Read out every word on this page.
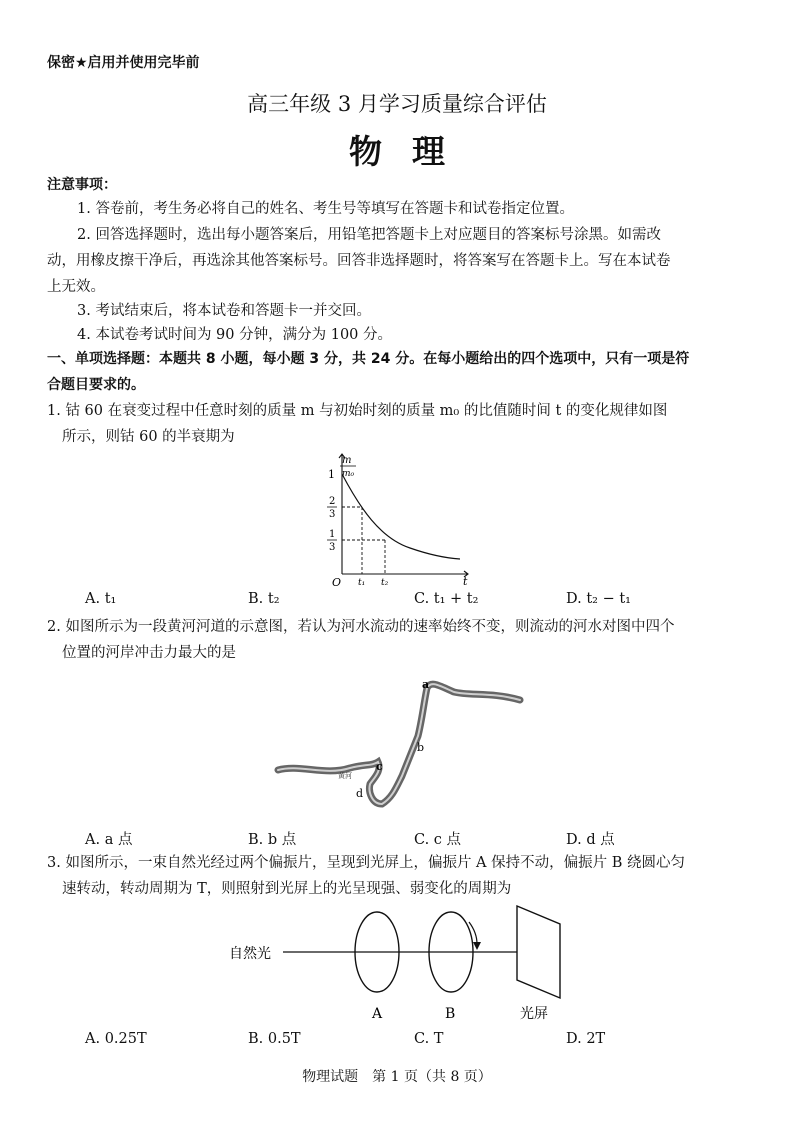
保密★启用并使用完毕前
高三年级 3 月学习质量综合评估
物理
注意事项：
1. 答卷前，考生务必将自己的姓名、考生号等填写在答题卡和试卷指定位置。
2. 回答选择题时，选出每小题答案后，用铅笔把答题卡上对应题目的答案标号涂黑。如需改
动，用橡皮擦干净后，再选涂其他答案标号。回答非选择题时，将答案写在答题卡上。写在本试卷
上无效。
3. 考试结束后，将本试卷和答题卡一并交回。
4. 本试卷考试时间为 90 分钟，满分为 100 分。
一、单项选择题：本题共 8 小题，每小题 3 分，共 24 分。在每小题给出的四个选项中，只有一项是符
合题目要求的。
1. 钴 60 在衰变过程中任意时刻的质量 m 与初始时刻的质量 m₀ 的比值随时间 t 的变化规律如图
所示，则钴 60 的半衰期为
m
m₀
1
2
3
1
3
O t₁ t₂	t
A. t₁	B. t₂	C. t₁ + t₂	D. t₂ − t₁
2. 如图所示为一段黄河河道的示意图，若认为河水流动的速率始终不变，则流动的河水对图中四个
位置的河岸冲击力最大的是
a
b
c
d
黄河
A. a 点	B. b 点	C. c 点	D. d 点
3. 如图所示，一束自然光经过两个偏振片，呈现到光屏上，偏振片 A 保持不动，偏振片 B 绕圆心匀
速转动，转动周期为 T，则照射到光屏上的光呈现强、弱变化的周期为
自然光
A	B	光屏
A. 0.25T	B. 0.5T	C. T	D. 2T
物理试题　第 1 页（共 8 页）
